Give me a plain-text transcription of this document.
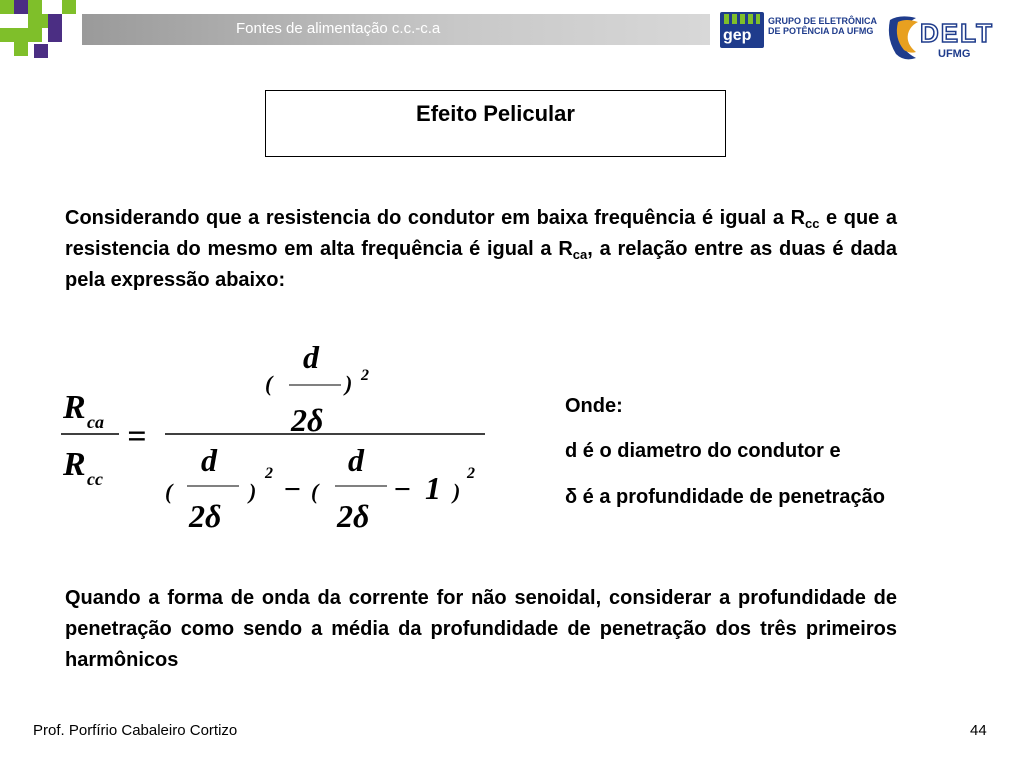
Fontes de alimentação c.c.-c.a	gep
GRUPO DE ELETRÔNICA
DE POTÊNCIA DA UFMG DELT
UFMG
Efeito Pelicular
Considerando que a resistencia do condutor em baixa frequência é igual a $R_{cc}$ e que a resistencia do mesmo em alta frequência é igual a $R_{ca}$, a relação entre as duas é dada pela expressão abaixo:
R ca
R cc
=
(
d
2δ
) 2
(
d
2δ
)
2 − (
d
2δ
− 1 )
2
Onde:
d é o diametro do condutor e
δ é a profundidade de penetração
Quando a forma de onda da corrente for não senoidal, considerar a profundidade de penetração como sendo a média da profundidade de penetração dos três primeiros harmônicos
Prof. Porfírio Cabaleiro Cortizo	44
